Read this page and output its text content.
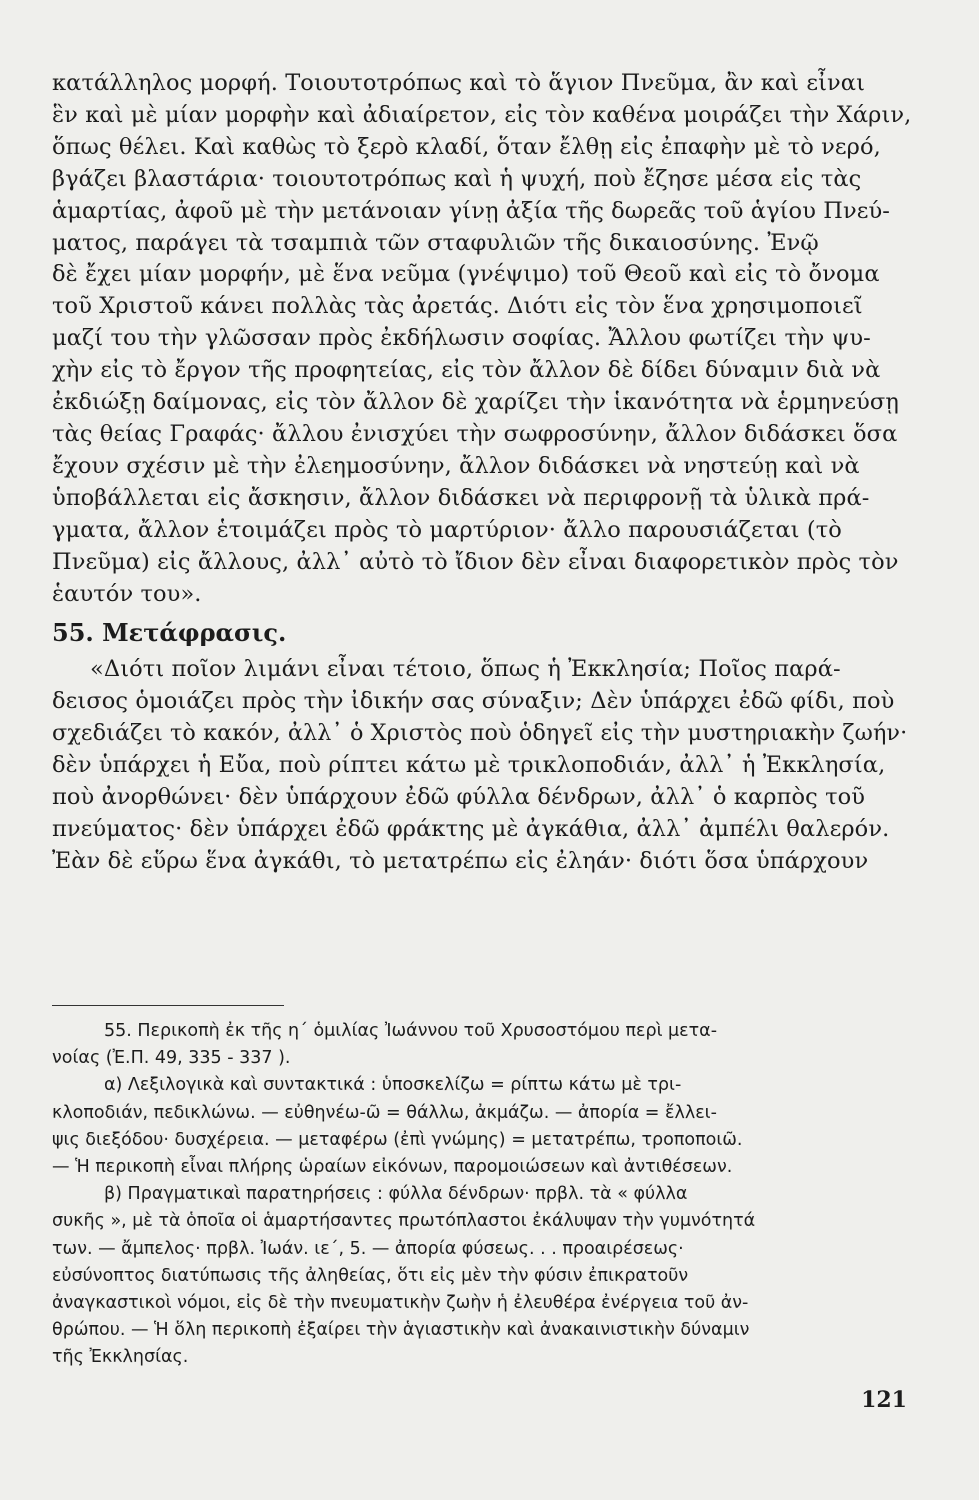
κατάλληλος μορφή. Τοιουτοτρόπως καὶ τὸ ἅγιον Πνεῦμα, ἂν καὶ εἶναι
ἓν καὶ μὲ μίαν μορφὴν καὶ ἀδιαίρετον, εἰς τὸν καθένα μοιράζει τὴν Χάριν,
ὅπως θέλει. Καὶ καθὼς τὸ ξερὸ κλαδί, ὅταν ἔλθῃ εἰς ἐπαφὴν μὲ τὸ νερό,
βγάζει βλαστάρια· τοιουτοτρόπως καὶ ἡ ψυχή, ποὺ ἔζησε μέσα εἰς τὰς
ἁμαρτίας, ἀφοῦ μὲ τὴν μετάνοιαν γίνῃ ἀξία τῆς δωρεᾶς τοῦ ἁγίου Πνεύ-
ματος, παράγει τὰ τσαμπιὰ τῶν σταφυλιῶν τῆς δικαιοσύνης. Ἐνῷ
δὲ ἔχει μίαν μορφήν, μὲ ἕνα νεῦμα (γνέψιμο) τοῦ Θεοῦ καὶ εἰς τὸ ὄνομα
τοῦ Χριστοῦ κάνει πολλὰς τὰς ἀρετάς. Διότι εἰς τὸν ἕνα χρησιμοποιεῖ
μαζί του τὴν γλῶσσαν πρὸς ἐκδήλωσιν σοφίας. Ἄλλου φωτίζει τὴν ψυ-
χὴν εἰς τὸ ἔργον τῆς προφητείας, εἰς τὸν ἄλλον δὲ δίδει δύναμιν διὰ νὰ
ἐκδιώξῃ δαίμονας, εἰς τὸν ἄλλον δὲ χαρίζει τὴν ἱκανότητα νὰ ἑρμηνεύσῃ
τὰς θείας Γραφάς· ἄλλου ἐνισχύει τὴν σωφροσύνην, ἄλλον διδάσκει ὅσα
ἔχουν σχέσιν μὲ τὴν ἐλεημοσύνην, ἄλλον διδάσκει νὰ νηστεύῃ καὶ νὰ
ὑποβάλλεται εἰς ἄσκησιν, ἄλλον διδάσκει νὰ περιφρονῇ τὰ ὑλικὰ πρά-
γματα, ἄλλον ἑτοιμάζει πρὸς τὸ μαρτύριον· ἄλλο παρουσιάζεται (τὸ
Πνεῦμα) εἰς ἄλλους, ἀλλ᾽ αὐτὸ τὸ ἴδιον δὲν εἶναι διαφορετικὸν πρὸς τὸν
ἑαυτόν του».
55. Μετάφρασις.
«Διότι ποῖον λιμάνι εἶναι τέτοιο, ὅπως ἡ Ἐκκλησία; Ποῖος παρά-
δεισος ὁμοιάζει πρὸς τὴν ἰδικήν σας σύναξιν; Δὲν ὑπάρχει ἐδῶ φίδι, ποὺ
σχεδιάζει τὸ κακόν, ἀλλ᾽ ὁ Χριστὸς ποὺ ὁδηγεῖ εἰς τὴν μυστηριακὴν ζωήν·
δὲν ὑπάρχει ἡ Εὔα, ποὺ ρίπτει κάτω μὲ τρικλοποδιάν, ἀλλ᾽ ἡ Ἐκκλησία,
ποὺ ἀνορθώνει· δὲν ὑπάρχουν ἐδῶ φύλλα δένδρων, ἀλλ᾽ ὁ καρπὸς τοῦ
πνεύματος· δὲν ὑπάρχει ἐδῶ φράκτης μὲ ἀγκάθια, ἀλλ᾽ ἀμπέλι θαλερόν.
Ἐὰν δὲ εὕρω ἕνα ἀγκάθι, τὸ μετατρέπω εἰς ἐληάν· διότι ὅσα ὑπάρχουν
55. Περικοπὴ ἐκ τῆς η΄ ὁμιλίας Ἰωάννου τοῦ Χρυσοστόμου περὶ μετα-
νοίας (Ἐ.Π. 49, 335 - 337 ).
α) Λεξιλογικὰ καὶ συντακτικά : ὑποσκελίζω = ρίπτω κάτω μὲ τρι-
κλοποδιάν, πεδικλώνω. — εὐθηνέω-ῶ = θάλλω, ἀκμάζω. — ἀπορία = ἔλλει-
ψις διεξόδου· δυσχέρεια. — μεταφέρω (ἐπὶ γνώμης) = μετατρέπω, τροποποιῶ.
— Ἡ περικοπὴ εἶναι πλήρης ὡραίων εἰκόνων, παρομοιώσεων καὶ ἀντιθέσεων.
β) Πραγματικαὶ παρατηρήσεις : φύλλα δένδρων· πρβλ. τὰ « φύλλα
συκῆς », μὲ τὰ ὁποῖα οἱ ἁμαρτήσαντες πρωτόπλαστοι ἐκάλυψαν τὴν γυμνότητά
των. — ἄμπελος· πρβλ. Ἰωάν. ιε΄, 5. — ἀπορία φύσεως. . . προαιρέσεως·
εὐσύνοπτος διατύπωσις τῆς ἀληθείας, ὅτι εἰς μὲν τὴν φύσιν ἐπικρατοῦν
ἀναγκαστικοὶ νόμοι, εἰς δὲ τὴν πνευματικὴν ζωὴν ἡ ἐλευθέρα ἐνέργεια τοῦ ἀν-
θρώπου. — Ἡ ὅλη περικοπὴ ἐξαίρει τὴν ἁγιαστικὴν καὶ ἀνακαινιστικὴν δύναμιν
τῆς Ἐκκλησίας.
121
